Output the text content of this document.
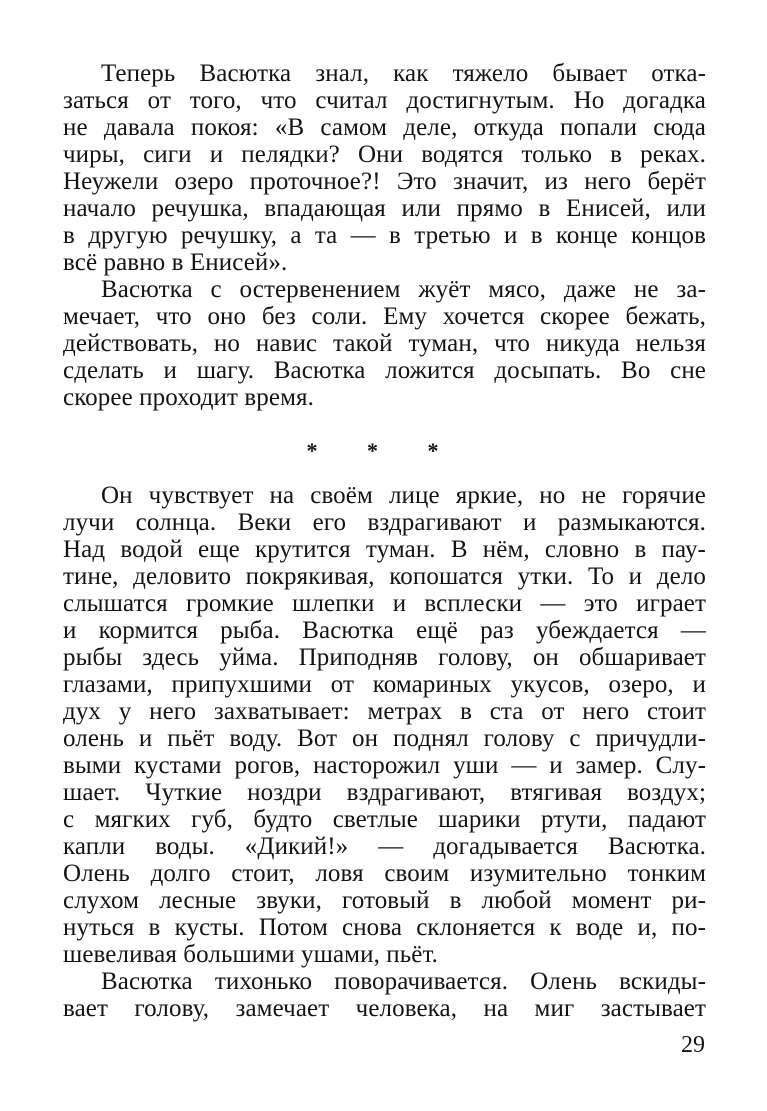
Теперь Васютка знал, как тяжело бывает отка-
заться от того, что считал достигнутым. Но догадка
не давала покоя: «В самом деле, откуда попали сюда
чиры, сиги и пелядки? Они водятся только в реках.
Неужели озеро проточное?! Это значит, из него берёт
начало речушка, впадающая или прямо в Енисей, или
в другую речушку, а та — в третью и в конце концов
всё равно в Енисей».
Васютка с остервенением жуёт мясо, даже не за-
мечает, что оно без соли. Ему хочется скорее бежать,
действовать, но навис такой туман, что никуда нельзя
сделать и шагу. Васютка ложится досыпать. Во сне
скорее проходит время.
* * *
Он чувствует на своём лице яркие, но не горячие
лучи солнца. Веки его вздрагивают и размыкаются.
Над водой еще крутится туман. В нём, словно в пау-
тине, деловито покрякивая, копошатся утки. То и дело
слышатся громкие шлепки и всплески — это играет
и кормится рыба. Васютка ещё раз убеждается —
рыбы здесь уйма. Приподняв голову, он обшаривает
глазами, припухшими от комариных укусов, озеро, и
дух у него захватывает: метрах в ста от него стоит
олень и пьёт воду. Вот он поднял голову с причудли-
выми кустами рогов, насторожил уши — и замер. Слу-
шает. Чуткие ноздри вздрагивают, втягивая воздух;
с мягких губ, будто светлые шарики ртути, падают
капли воды. «Дикий!» — догадывается Васютка.
Олень долго стоит, ловя своим изумительно тонким
слухом лесные звуки, готовый в любой момент ри-
нуться в кусты. Потом снова склоняется к воде и, по-
шевеливая большими ушами, пьёт.
Васютка тихонько поворачивается. Олень вскиды-
вает голову, замечает человека, на миг застывает
29
